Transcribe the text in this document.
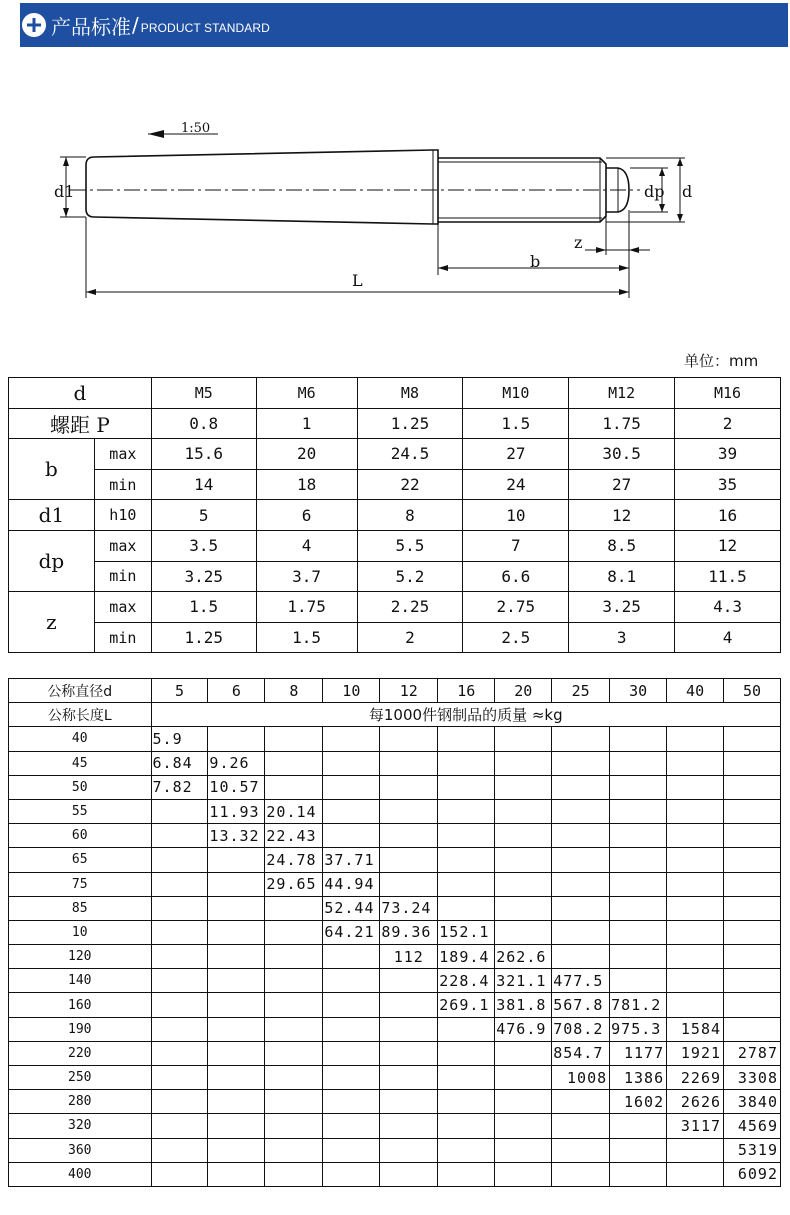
产品标准 / PRODUCT STANDARD
1:50
d1	dp d
z
b
L
单位：mm
d		M5	M6	M8	M10	M12	M16
螺距 P		0.8	1	1.25	1.5	1.75	2
b	max	15.6	20	24.5	27	30.5	39
	min	14	18	22	24	27	35
d1	h10	5	6	8	10	12	16
dp	max	3.5	4	5.5	7	8.5	12
	min	3.25	3.7	5.2	6.6	8.1	11.5
z	max	1.5	1.75	2.25	2.75	3.25	4.3
	min	1.25	1.5	2	2.5	3	4
公称直径d	5	6	8	10	12	16	20	25	30	40	50
公称长度L	每1000件钢制品的质量 ≈kg										
40	5.9										
45	6.84	9.26									
50	7.82	10.57									
55		11.93	20.14								
60		13.32	22.43								
65			24.78	37.71							
75			29.65	44.94							
85				52.44	73.24						
10				64.21	89.36	152.1					
120					112	189.4	262.6				
140						228.4	321.1	477.5			
160						269.1	381.8	567.8	781.2		
190							476.9	708.2	975.3	1584	
220								854.7	1177	1921	2787
250								1008	1386	2269	3308
280									1602	2626	3840
320										3117	4569
360											5319
400											6092
